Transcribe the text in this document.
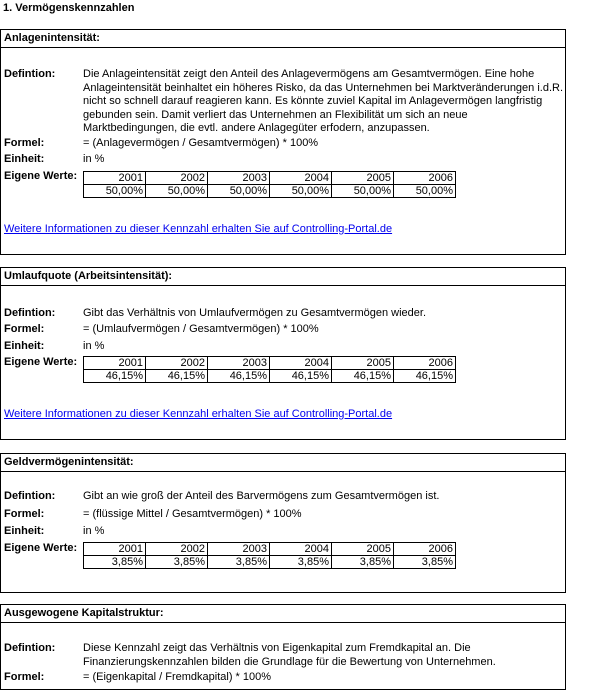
1. Vermögenskennzahlen
Anlagenintensität:
Defintion:	Die Anlageintensität zeigt den Anteil des Anlagevermögens am Gesamtvermögen. Eine hohe Anlageintensität beinhaltet ein höheres Risko, da das Unternehmen bei Marktveränderungen i.d.R. nicht so schnell darauf reagieren kann. Es könnte zuviel Kapital im Anlagevermögen langfristig gebunden sein. Damit verliert das Unternehmen an Flexibilität um sich an neue Marktbedingungen, die evtl. andere Anlagegüter erfodern, anzupassen.
Formel:	= (Anlagevermögen / Gesamtvermögen) * 100%
Einheit:	in %
Eigene Werte:	2001	2002	2003	2004	2005	2006
50,00%	50,00%	50,00%	50,00%	50,00%	50,00%
Weitere Informationen zu dieser Kennzahl erhalten Sie auf Controlling-Portal.de
Umlaufquote (Arbeitsintensität):
Defintion:	Gibt das Verhältnis von Umlaufvermögen zu Gesamtvermögen wieder.
Formel:	= (Umlaufvermögen / Gesamtvermögen) * 100%
Einheit:	in %
Eigene Werte:	2001	2002	2003	2004	2005	2006
46,15%	46,15%	46,15%	46,15%	46,15%	46,15%
Weitere Informationen zu dieser Kennzahl erhalten Sie auf Controlling-Portal.de
Geldvermögenintensität:
Defintion:	Gibt an wie groß der Anteil des Barvermögens zum Gesamtvermögen ist.
Formel:	= (flüssige Mittel / Gesamtvermögen) * 100%
Einheit:	in %
Eigene Werte:	2001	2002	2003	2004	2005	2006
3,85%	3,85%	3,85%	3,85%	3,85%	3,85%
Ausgewogene Kapitalstruktur:
Defintion:	Diese Kennzahl zeigt das Verhältnis von Eigenkapital zum Fremdkapital an. Die Finanzierungskennzahlen bilden die Grundlage für die Bewertung von Unternehmen.
Formel:	= (Eigenkapital / Fremdkapital) * 100%
